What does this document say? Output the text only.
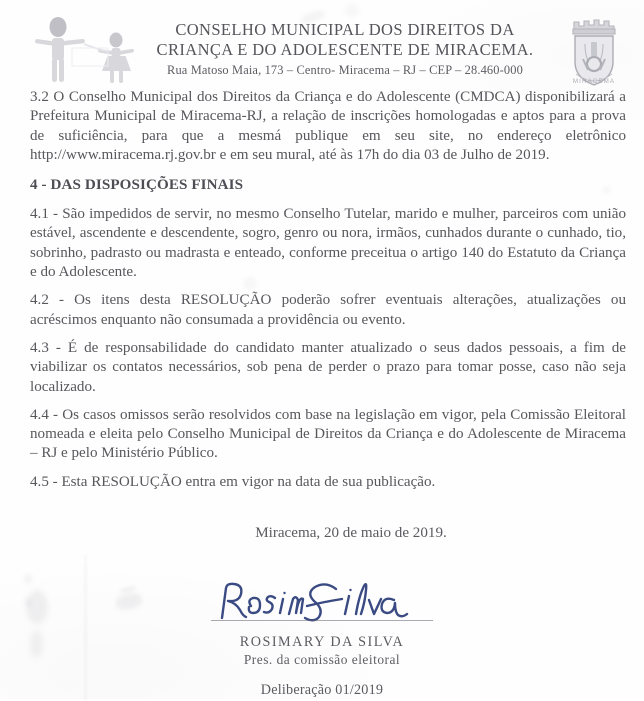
CONSELHO MUNICIPAL DOS DIREITOS DA
CRIANÇA E DO ADOLESCENTE DE MIRACEMA.
Rua Matoso Maia, 173 – Centro- Miracema – RJ – CEP – 28.460-000
MIRACEMA

3.2 O Conselho Municipal dos Direitos da Criança e do Adolescente (CMDCA) disponibilizará a Prefeitura Municipal de Miracema-RJ, a relação de inscrições homologadas e aptos para a prova de suficiência, para que a mesmá publique em seu site, no endereço eletrônico http://www.miracema.rj.gov.br e em seu mural, até às 17h do dia 03 de Julho de 2019.

4 - DAS DISPOSIÇÕES FINAIS

4.1 - São impedidos de servir, no mesmo Conselho Tutelar, marido e mulher, parceiros com união estável, ascendente e descendente, sogro, genro ou nora, irmãos, cunhados durante o cunhado, tio, sobrinho, padrasto ou madrasta e enteado, conforme preceitua o artigo 140 do Estatuto da Criança e do Adolescente.

4.2 - Os itens desta RESOLUÇÃO poderão sofrer eventuais alterações, atualizações ou acréscimos enquanto não consumada a providência ou evento.

4.3 - É de responsabilidade do candidato manter atualizado o seus dados pessoais, a fim de viabilizar os contatos necessários, sob pena de perder o prazo para tomar posse, caso não seja localizado.

4.4 - Os casos omissos serão resolvidos com base na legislação em vigor, pela Comissão Eleitoral nomeada e eleita pelo Conselho Municipal de Direitos da Criança e do Adolescente de Miracema – RJ e pelo Ministério Público.

4.5 - Esta RESOLUÇÃO entra em vigor na data de sua publicação.

Miracema, 20 de maio de 2019.

ROSIMARY DA SILVA
Pres. da comissão eleitoral
Deliberação 01/2019
